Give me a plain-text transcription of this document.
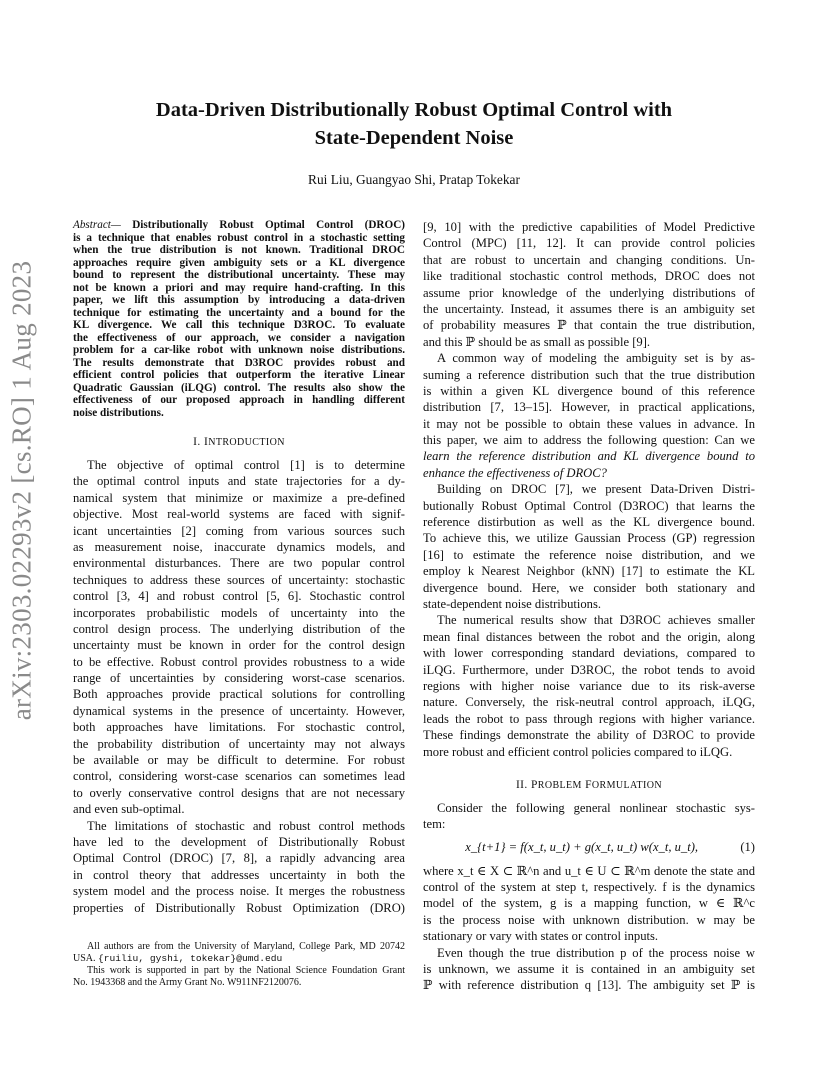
arXiv:2303.02293v2 [cs.RO] 1 Aug 2023
Data-Driven Distributionally Robust Optimal Control with
State-Dependent Noise
Rui Liu, Guangyao Shi, Pratap Tokekar
Abstract— Distributionally Robust Optimal Control (DROC)
is a technique that enables robust control in a stochastic setting
when the true distribution is not known. Traditional DROC
approaches require given ambiguity sets or a KL divergence
bound to represent the distributional uncertainty. These may
not be known a priori and may require hand-crafting. In this
paper, we lift this assumption by introducing a data-driven
technique for estimating the uncertainty and a bound for the
KL divergence. We call this technique D3ROC. To evaluate
the effectiveness of our approach, we consider a navigation
problem for a car-like robot with unknown noise distributions.
The results demonstrate that D3ROC provides robust and
efficient control policies that outperform the iterative Linear
Quadratic Gaussian (iLQG) control. The results also show the
effectiveness of our proposed approach in handling different
noise distributions.
I. INTRODUCTION
The objective of optimal control [1] is to determine
the optimal control inputs and state trajectories for a dy-
namical system that minimize or maximize a pre-defined
objective. Most real-world systems are faced with signif-
icant uncertainties [2] coming from various sources such
as measurement noise, inaccurate dynamics models, and
environmental disturbances. There are two popular control
techniques to address these sources of uncertainty: stochastic
control [3, 4] and robust control [5, 6]. Stochastic control
incorporates probabilistic models of uncertainty into the
control design process. The underlying distribution of the
uncertainty must be known in order for the control design
to be effective. Robust control provides robustness to a wide
range of uncertainties by considering worst-case scenarios.
Both approaches provide practical solutions for controlling
dynamical systems in the presence of uncertainty. However,
both approaches have limitations. For stochastic control,
the probability distribution of uncertainty may not always
be available or may be difficult to determine. For robust
control, considering worst-case scenarios can sometimes lead
to overly conservative control designs that are not necessary
and even sub-optimal.
The limitations of stochastic and robust control methods
have led to the development of Distributionally Robust
Optimal Control (DROC) [7, 8], a rapidly advancing area
in control theory that addresses uncertainty in both the
system model and the process noise. It merges the robustness
properties of Distributionally Robust Optimization (DRO)
All authors are from the University of Maryland, College Park, MD 20742
USA. {ruiliu, gyshi, tokekar}@umd.edu
This work is supported in part by the National Science Foundation Grant
No. 1943368 and the Army Grant No. W911NF2120076.
[9, 10] with the predictive capabilities of Model Predictive
Control (MPC) [11, 12]. It can provide control policies
that are robust to uncertain and changing conditions. Un-
like traditional stochastic control methods, DROC does not
assume prior knowledge of the underlying distributions of
the uncertainty. Instead, it assumes there is an ambiguity set
of probability measures ℙ that contain the true distribution,
and this ℙ should be as small as possible [9].
A common way of modeling the ambiguity set is by as-
suming a reference distribution such that the true distribution
is within a given KL divergence bound of this reference
distribution [7, 13–15]. However, in practical applications,
it may not be possible to obtain these values in advance. In
this paper, we aim to address the following question: Can we
learn the reference distribution and KL divergence bound to
enhance the effectiveness of DROC?
Building on DROC [7], we present Data-Driven Distri-
butionally Robust Optimal Control (D3ROC) that learns the
reference distirbution as well as the KL divergence bound.
To achieve this, we utilize Gaussian Process (GP) regression
[16] to estimate the reference noise distribution, and we
employ k Nearest Neighbor (kNN) [17] to estimate the KL
divergence bound. Here, we consider both stationary and
state-dependent noise distributions.
The numerical results show that D3ROC achieves smaller
mean final distances between the robot and the origin, along
with lower corresponding standard deviations, compared to
iLQG. Furthermore, under D3ROC, the robot tends to avoid
regions with higher noise variance due to its risk-averse
nature. Conversely, the risk-neutral control approach, iLQG,
leads the robot to pass through regions with higher variance.
These findings demonstrate the ability of D3ROC to provide
more robust and efficient control policies compared to iLQG.
II. PROBLEM FORMULATION
Consider the following general nonlinear stochastic sys-
tem:
x_{t+1} = f(x_t, u_t) + g(x_t, u_t) w(x_t, u_t),	(1)
where x_t ∈ X ⊂ ℝ^n and u_t ∈ U ⊂ ℝ^m denote the state and
control of the system at step t, respectively. f is the dynamics
model of the system, g is a mapping function, w ∈ ℝ^c
is the process noise with unknown distribution. w may be
stationary or vary with states or control inputs.
Even though the true distribution p of the process noise w
is unknown, we assume it is contained in an ambiguity set
ℙ with reference distribution q [13]. The ambiguity set ℙ is
